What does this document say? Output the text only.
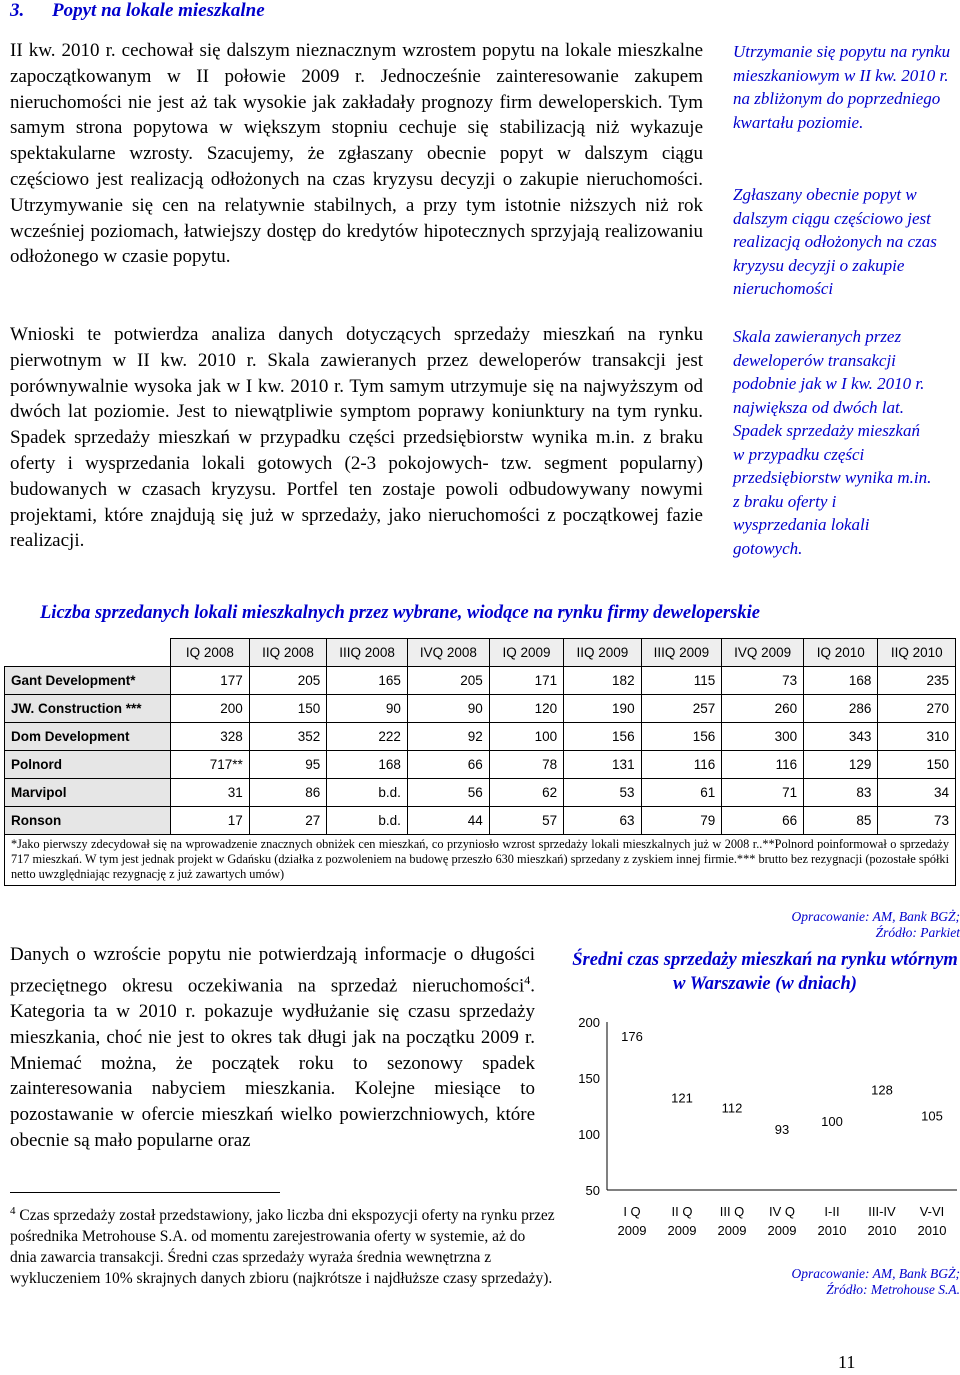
3. Popyt na lokale mieszkalne
II kw. 2010 r. cechował się dalszym nieznacznym wzrostem popytu na lokale mieszkalne zapoczątkowanym w II połowie 2009 r. Jednocześnie zainteresowanie zakupem nieruchomości nie jest aż tak wysokie jak zakładały prognozy firm deweloperskich. Tym samym strona popytowa w większym stopniu cechuje się stabilizacją niż wykazuje spektakularne wzrosty. Szacujemy, że zgłaszany obecnie popyt w dalszym ciągu częściowo jest realizacją odłożonych na czas kryzysu decyzji o zakupie nieruchomości. Utrzymywanie się cen na relatywnie stabilnych, a przy tym istotnie niższych niż rok wcześniej poziomach, łatwiejszy dostęp do kredytów hipotecznych sprzyjają realizowaniu odłożonego w czasie popytu.
Wnioski te potwierdza analiza danych dotyczących sprzedaży mieszkań na rynku pierwotnym w II kw. 2010 r. Skala zawieranych przez deweloperów transakcji jest porównywalnie wysoka jak w I kw. 2010 r. Tym samym utrzymuje się na najwyższym od dwóch lat poziomie. Jest to niewątpliwie symptom poprawy koniunktury na tym rynku. Spadek sprzedaży mieszkań w przypadku części przedsiębiorstw wynika m.in. z braku oferty i wysprzedania lokali gotowych (2-3 pokojowych- tzw. segment popularny) budowanych w czasach kryzysu. Portfel ten zostaje powoli odbudowywany nowymi projektami, które znajdują się już w sprzedaży, jako nieruchomości z początkowej fazie realizacji.
Utrzymanie się popytu na rynku mieszkaniowym w II kw. 2010 r. na zbliżonym do poprzedniego kwartału poziomie.
Zgłaszany obecnie popyt w dalszym ciągu częściowo jest realizacją odłożonych na czas kryzysu decyzji o zakupie nieruchomości
Skala zawieranych przez deweloperów transakcji podobnie jak w I kw. 2010 r. największa od dwóch lat. Spadek sprzedaży mieszkań w przypadku części przedsiębiorstw wynika m.in. z braku oferty i wysprzedania lokali gotowych.
Liczba sprzedanych lokali mieszkalnych przez wybrane, wiodące na rynku firmy deweloperskie
	IQ 2008	IIQ 2008	IIIQ 2008	IVQ 2008	IQ 2009	IIQ 2009	IIIQ 2009	IVQ 2009	IQ 2010	IIQ 2010
Gant Development*	177	205	165	205	171	182	115	73	168	235
JW. Construction ***	200	150	90	90	120	190	257	260	286	270
Dom Development	328	352	222	92	100	156	156	300	343	310
Polnord	717**	95	168	66	78	131	116	116	129	150
Marvipol	31	86	b.d.	56	62	53	61	71	83	34
Ronson	17	27	b.d.	44	57	63	79	66	85	73
*Jako pierwszy zdecydował się na wprowadzenie znacznych obniżek cen mieszkań, co przyniosło wzrost sprzedaży lokali mieszkalnych już w 2008 r..**Polnord poinformował o sprzedaży 717 mieszkań. W tym jest jednak projekt w Gdańsku (działka z pozwoleniem na budowę przeszło 630 mieszkań) sprzedany z zyskiem innej firmie.*** brutto bez rezygnacji (pozostałe spółki netto uwzględniając rezygnację z już zawartych umów)										
Opracowanie: AM, Bank BGŻ;
Źródło: Parkiet
Danych o wzroście popytu nie potwierdzają informacje o długości przeciętnego okresu oczekiwania na sprzedaż nieruchomości$^4$. Kategoria ta w 2010 r. pokazuje wydłużanie się czasu sprzedaży mieszkania, choć nie jest to okres tak długi jak na początku 2009 r. Mniemać można, że początek roku to sezonowy spadek zainteresowania nabyciem mieszkania. Kolejne miesiące to pozostawanie w ofercie mieszkań wielko powierzchniowych, które obecnie są mało popularne oraz
Średni czas sprzedaży mieszkań na rynku wtórnym w Warszawie (w dniach)
50
100
150
200
176
I Q
2009
121
II Q
2009
112
III Q
2009
93
IV Q
2009
100
I-II
2010
128
III-IV
2010
105
V-VI
2010
Opracowanie: AM, Bank BGŻ;
Źródło: Metrohouse S.A.
$^4$ Czas sprzedaży został przedstawiony, jako liczba dni ekspozycji oferty na rynku przez pośrednika Metrohouse S.A. od momentu zarejestrowania oferty w systemie, aż do dnia zawarcia transakcji. Średni czas sprzedaży wyraża średnia wewnętrzna z wykluczeniem 10% skrajnych danych zbioru (najkrótsze i najdłuższe czasy sprzedaży).
11
